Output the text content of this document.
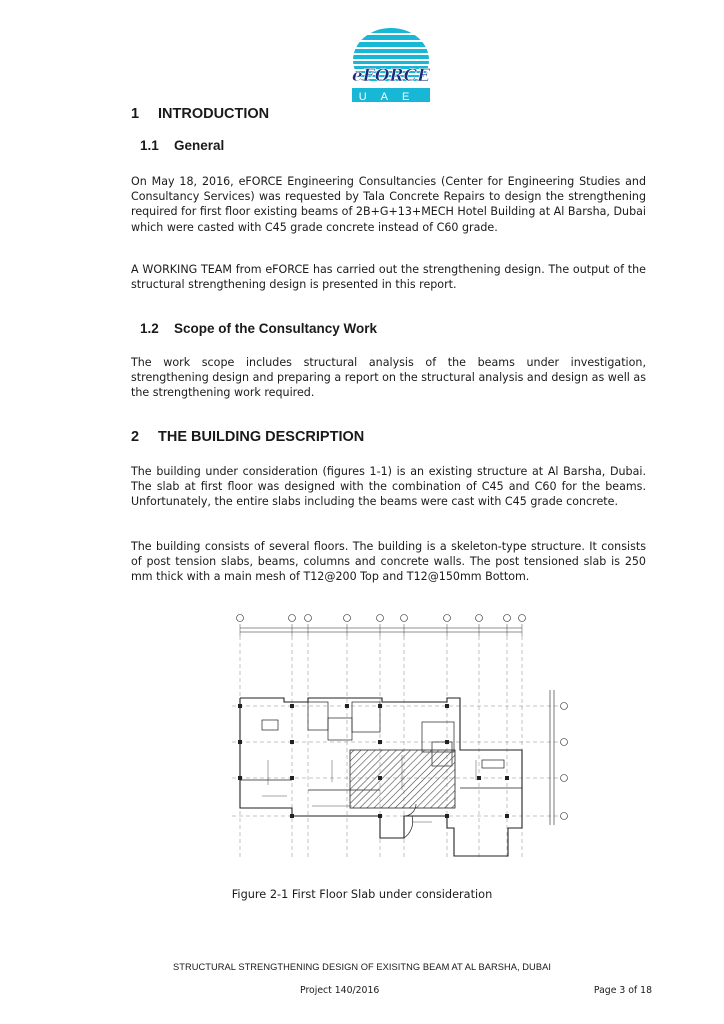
eFORCE
UAE
1 INTRODUCTION
1.1 General
On May 18, 2016, eFORCE Engineering Consultancies (Center for Engineering Studies and Consultancy Services) was requested by Tala Concrete Repairs to design the strengthening required for first floor existing beams of 2B+G+13+MECH Hotel Building at Al Barsha, Dubai which were casted with C45 grade concrete instead of C60 grade.
A WORKING TEAM from eFORCE has carried out the strengthening design. The output of the structural strengthening design is presented in this report.
1.2 Scope of the Consultancy Work
The work scope includes structural analysis of the beams under investigation, strengthening design and preparing a report on the structural analysis and design as well as the strengthening work required.
2 THE BUILDING DESCRIPTION
The building under consideration (figures 1-1) is an existing structure at Al Barsha, Dubai. The slab at first floor was designed with the combination of C45 and C60 for the beams. Unfortunately, the entire slabs including the beams were cast with C45 grade concrete.
The building consists of several floors. The building is a skeleton-type structure. It consists of post tension slabs, beams, columns and concrete walls. The post tensioned slab is 250 mm thick with a main mesh of T12@200 Top and T12@150mm Bottom.
Figure 2-1 First Floor Slab under consideration
STRUCTURAL STRENGTHENING DESIGN OF EXISITNG BEAM AT AL BARSHA, DUBAI
Project 140/2016	Page 3 of 18
